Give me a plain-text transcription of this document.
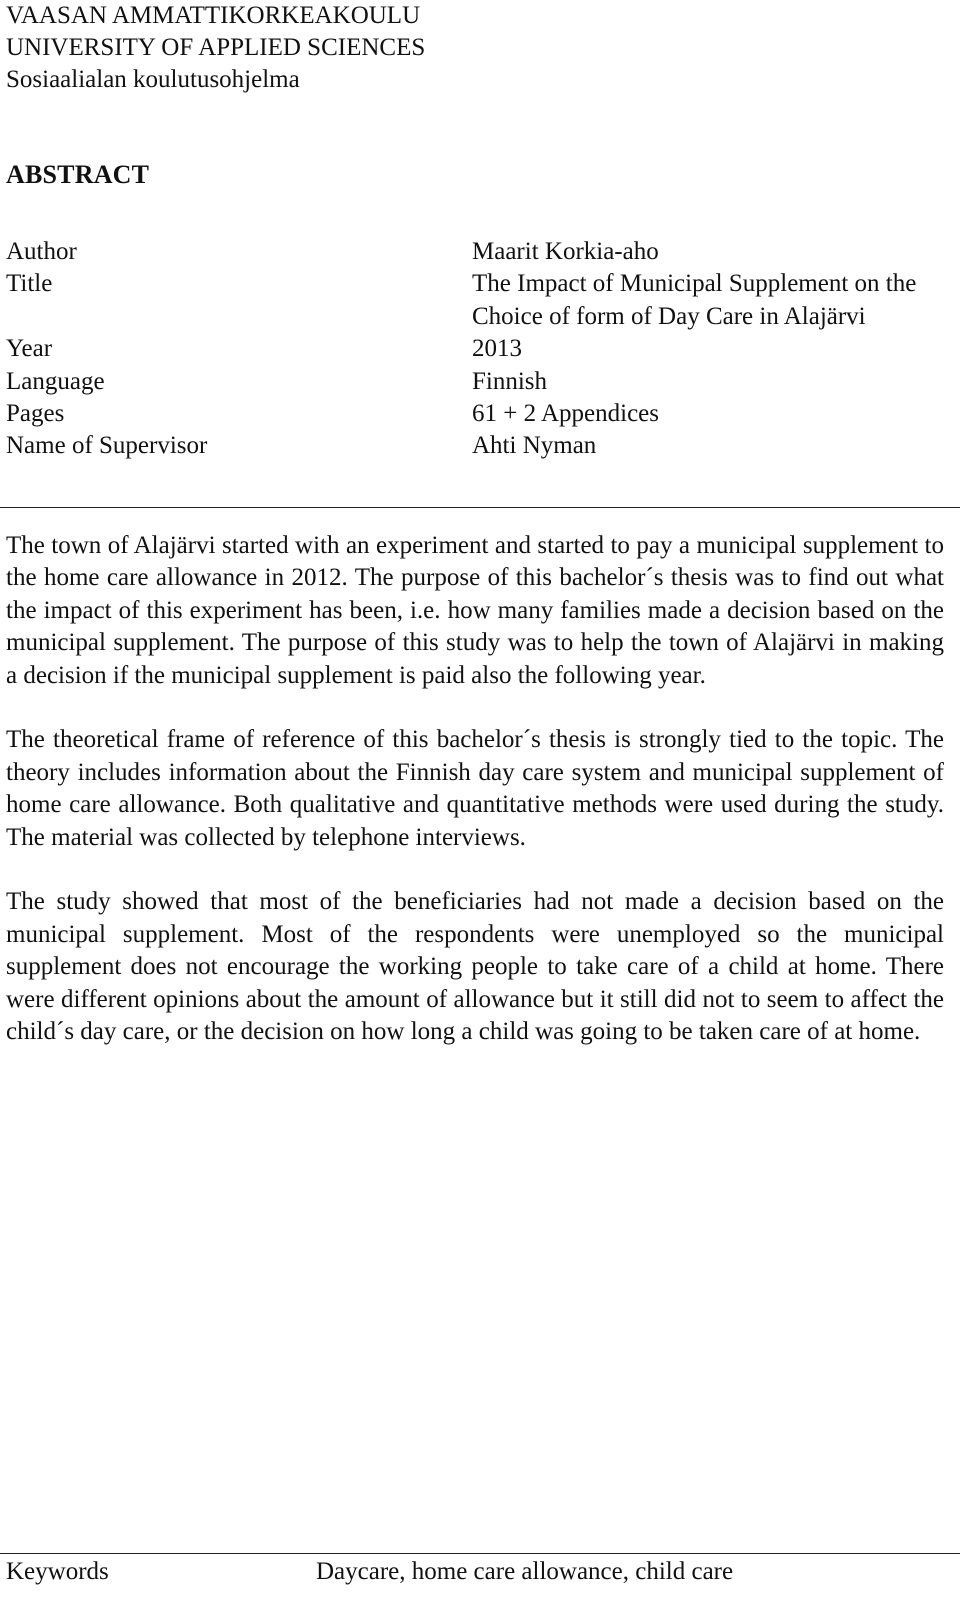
VAASAN AMMATTIKORKEAKOULU
UNIVERSITY OF APPLIED SCIENCES
Sosiaalialan koulutusohjelma
ABSTRACT
Author	Maarit Korkia-aho
Title	The Impact of Municipal Supplement on the Choice of form of Day Care in Alajärvi
Year	2013
Language	Finnish
Pages	61 + 2 Appendices
Name of Supervisor	Ahti Nyman

The town of Alajärvi started with an experiment and started to pay a municipal supplement to the home care allowance in 2012. The purpose of this bachelor´s thesis was to find out what the impact of this experiment has been, i.e. how many families made a decision based on the municipal supplement. The purpose of this study was to help the town of Alajärvi in making a decision if the municipal supplement is paid also the following year.

The theoretical frame of reference of this bachelor´s thesis is strongly tied to the topic. The theory includes information about the Finnish day care system and municipal supplement of home care allowance. Both qualitative and quantitative methods were used during the study. The material was collected by telephone interviews.

The study showed that most of the beneficiaries had not made a decision based on the municipal supplement. Most of the respondents were unemployed so the municipal supplement does not encourage the working people to take care of a child at home. There were different opinions about the amount of allowance but it still did not to seem to affect the child´s day care, or the decision on how long a child was going to be taken care of at home.

Keywords	Daycare, home care allowance, child care
